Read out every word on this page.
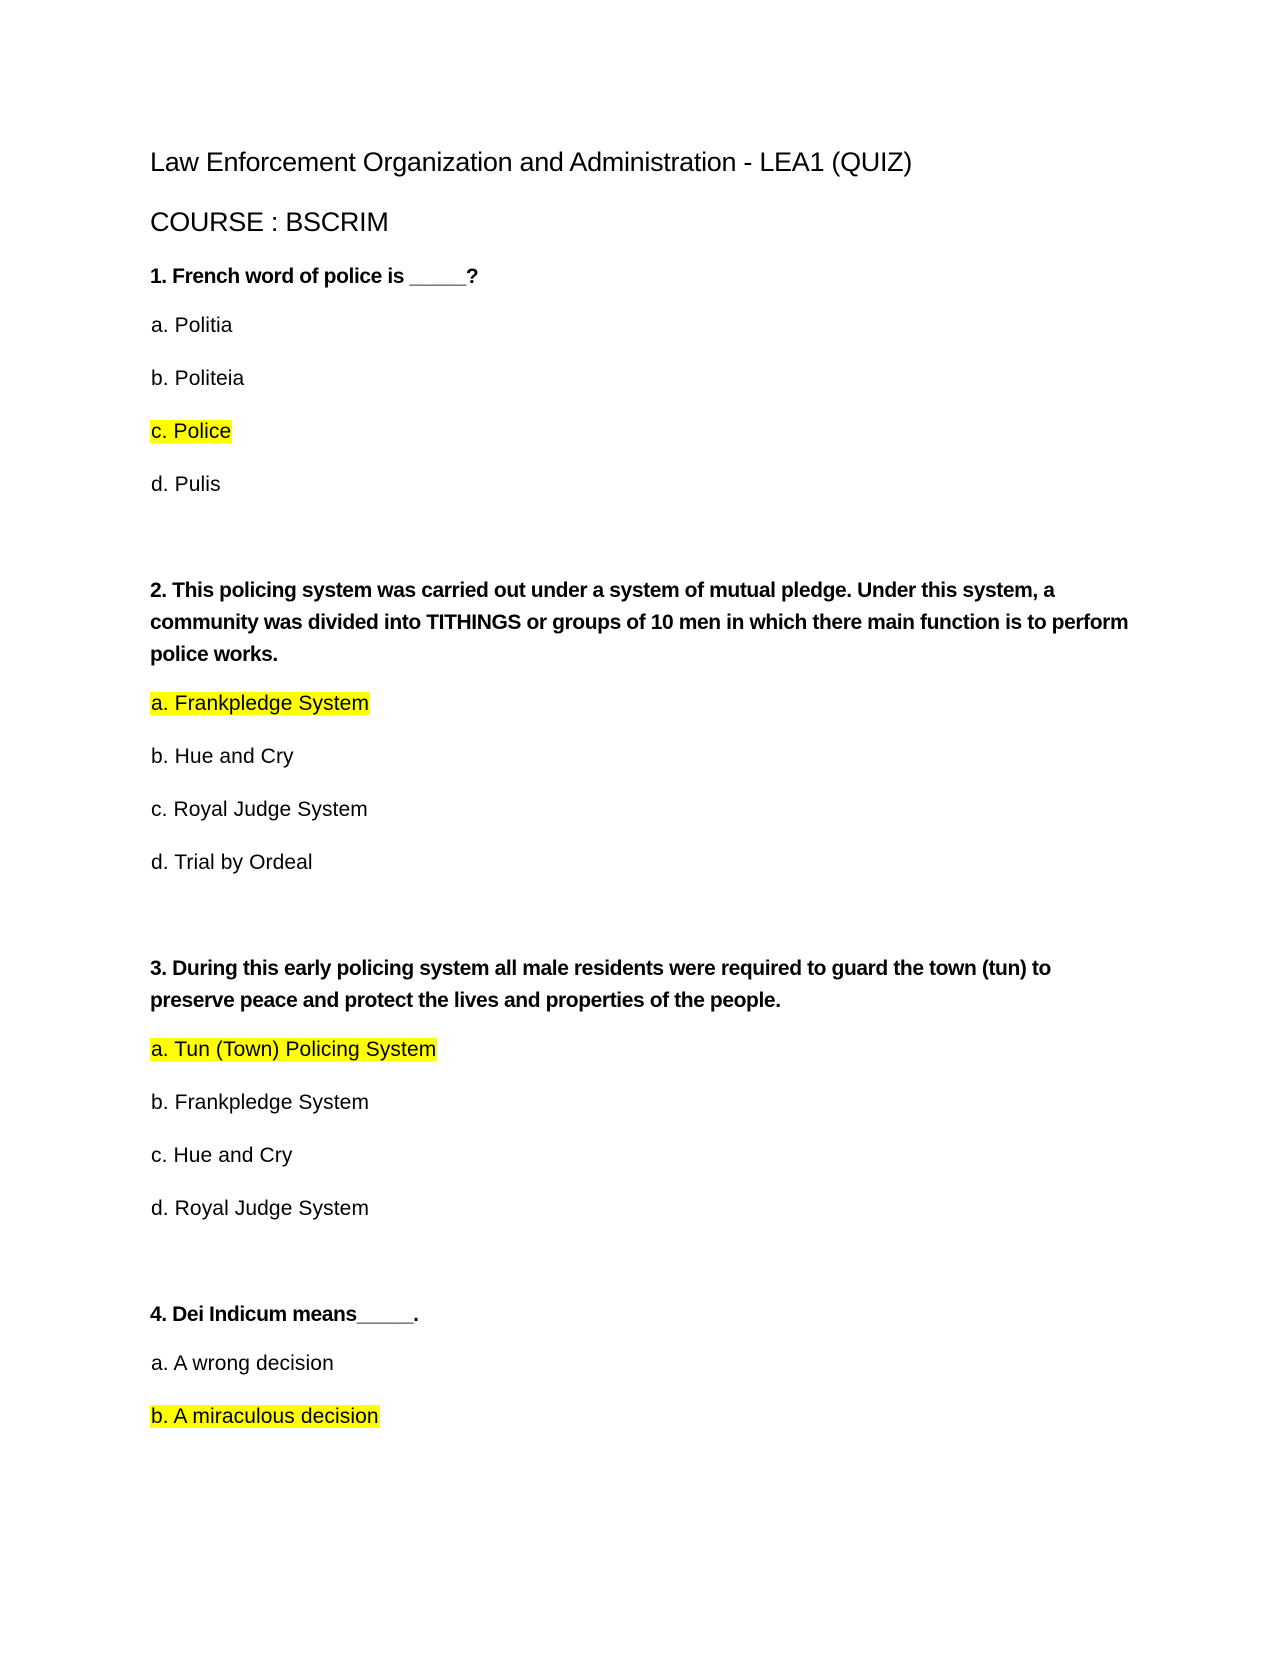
Law Enforcement Organization and Administration - LEA1 (QUIZ)
COURSE : BSCRIM

1. French word of police is _____?

a. Politia
b. Politeia
c. Police
d. Pulis

2. This policing system was carried out under a system of mutual pledge. Under this system, a community was divided into TITHINGS or groups of 10 men in which there main function is to perform police works.

a. Frankpledge System
b. Hue and Cry
c. Royal Judge System
d. Trial by Ordeal

3. During this early policing system all male residents were required to guard the town (tun) to preserve peace and protect the lives and properties of the people.

a. Tun (Town) Policing System
b. Frankpledge System
c. Hue and Cry
d. Royal Judge System

4. Dei Indicum means_____.

a. A wrong decision
b. A miraculous decision
